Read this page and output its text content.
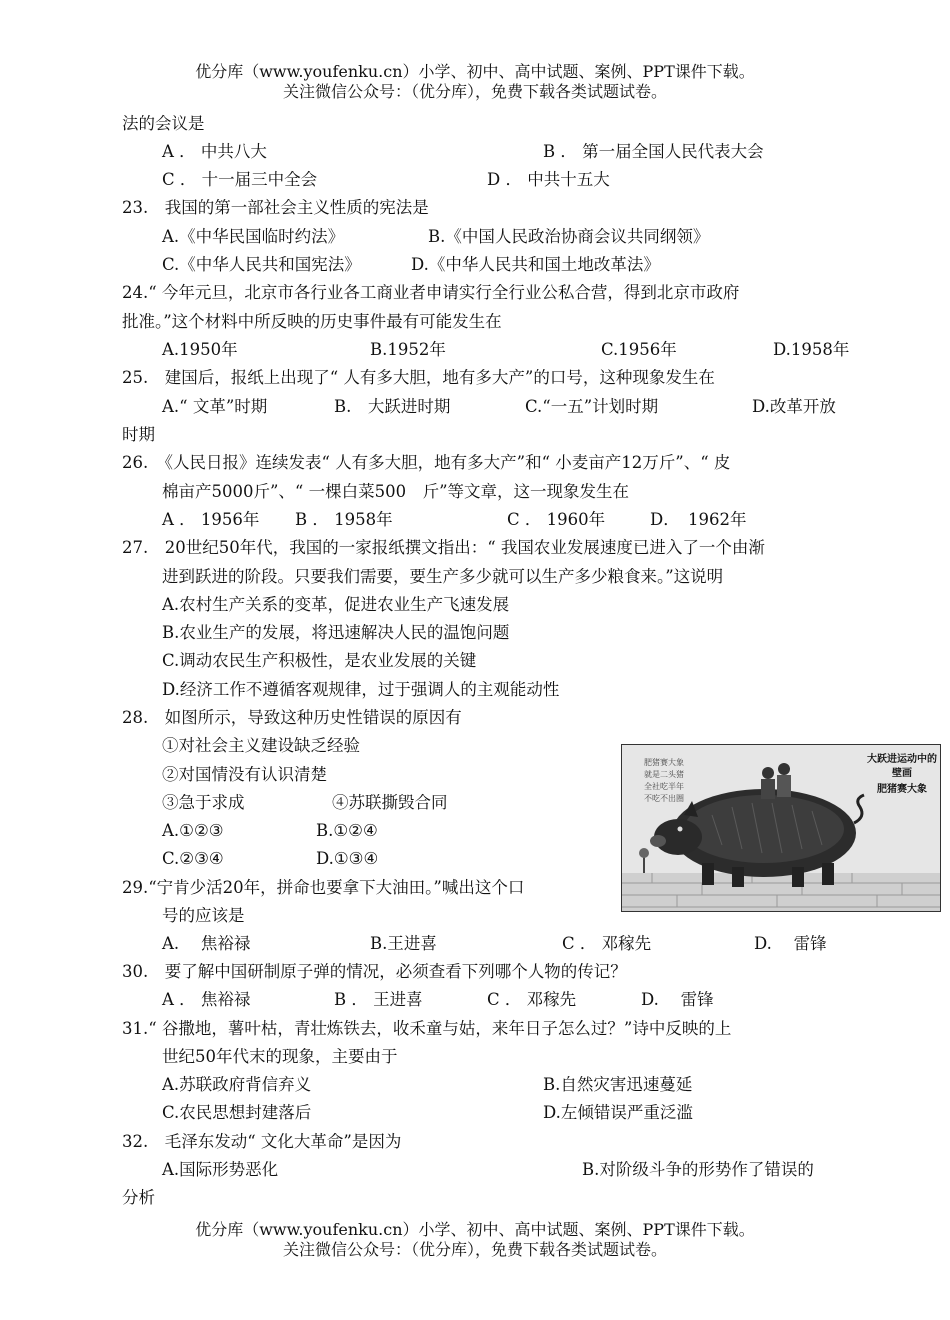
优分库（www.youfenku.cn）小学、初中、高中试题、案例、PPT课件下载。
关注微信公众号：（优分库），免费下载各类试题试卷。
法的会议是
A ． 中共八大	B ． 第一届全国人民代表大会
C ． 十一届三中全会	D ． 中共十五大
23.　我国的第一部社会主义性质的宪法是
A.《中华民国临时约法》	B.《中国人民政治协商会议共同纲领》
C.《中华人民共和国宪法》	D.《中华人民共和国土地改革法》
24.“ 今年元旦，北京市各行业各工商业者申请实行全行业公私合营，得到北京市政府
批准。”这个材料中所反映的历史事件最有可能发生在
A.1950年	B.1952年	C.1956年	D.1958年
25.　建国后，报纸上出现了“ 人有多大胆，地有多大产”的口号，这种现象发生在
A.“ 文革”时期	B.　大跃进时期	C.“一五”计划时期	D.改革开放
时期
26.　《人民日报》连续发表“ 人有多大胆，地有多大产”和“ 小麦亩产12万斤”、“ 皮
棉亩产5000斤”、“ 一棵白菜500　斤”等文章，这一现象发生在
A ． 1956年 B ． 1958年	C ． 1960年	D．　1962年
27.　20世纪50年代，我国的一家报纸撰文指出：“ 我国农业发展速度已进入了一个由渐
进到跃进的阶段。只要我们需要，要生产多少就可以生产多少粮食来。”这说明
A.农村生产关系的变革，促进农业生产飞速发展
B.农业生产的发展，将迅速解决人民的温饱问题
C.调动农民生产积极性，是农业发展的关键
D.经济工作不遵循客观规律，过于强调人的主观能动性
28.　如图所示，导致这种历史性错误的原因有
①对社会主义建设缺乏经验
②对国情没有认识清楚
③急于求成	④苏联撕毁合同
A.①②③	B.①②④
C.②③④	D.①③④
大跃进运动中的壁画
肥猪赛大象
肥猪赛大象
就是二头猪
全社吃半年
不吃不出圈
29.“宁肯少活20年，拼命也要拿下大油田。”喊出这个口
号的应该是
A.　 焦裕禄	B.王进喜	C ． 邓稼先	D.　 雷锋
30.　要了解中国研制原子弹的情况，必须查看下列哪个人物的传记？
A ． 焦裕禄	B ． 王进喜	C ． 邓稼先	D.　 雷锋
31.“ 谷撒地，薯叶枯，青壮炼铁去，收禾童与姑，来年日子怎么过？”诗中反映的上
世纪50年代末的现象，主要由于
A.苏联政府背信弃义	B.自然灾害迅速蔓延
C.农民思想封建落后	D.左倾错误严重泛滥
32.　毛泽东发动“ 文化大革命”是因为
A.国际形势恶化	B.对阶级斗争的形势作了错误的
分析
优分库（www.youfenku.cn）小学、初中、高中试题、案例、PPT课件下载。
关注微信公众号：（优分库），免费下载各类试题试卷。
